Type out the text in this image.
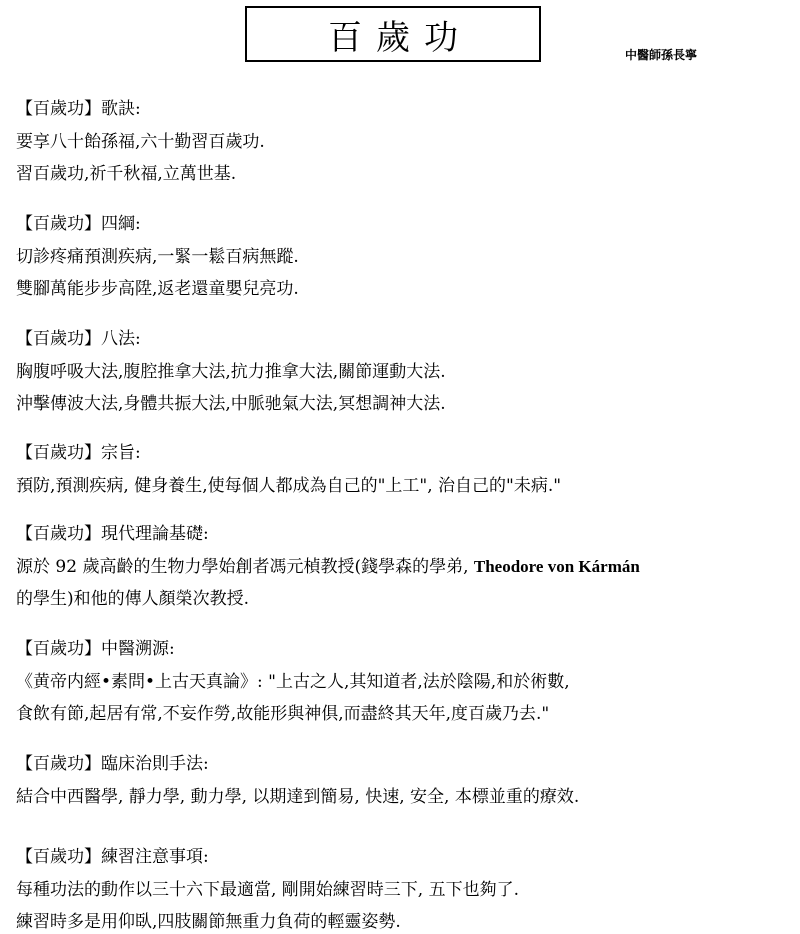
百歲功	中醫師孫長寧
【百歲功】歌訣:
要享八十飴孫福,六十勤習百歲功.
習百歲功,祈千秋福,立萬世基.
【百歲功】四綱:
切診疼痛預測疾病,一緊一鬆百病無蹤.
雙腳萬能步步高陞,返老還童嬰兒亮功.
【百歲功】八法:
胸腹呼吸大法,腹腔推拿大法,抗力推拿大法,關節運動大法.
沖擊傳波大法,身體共振大法,中脈驰氣大法,冥想調神大法.
【百歲功】宗旨:
預防,預測疾病, 健身養生,使每個人都成為自己的"上工", 治自己的"未病."
【百歲功】現代理論基礎:
源於 92 歲高齡的生物力學始創者馮元楨教授(錢學森的學弟, Theodore von Kármán
的學生)和他的傳人顏榮次教授.
【百歲功】中醫溯源:
《黄帝内經•素問•上古天真論》: "上古之人,其知道者,法於陰陽,和於術數,
食飲有節,起居有常,不妄作勞,故能形與神俱,而盡終其天年,度百歲乃去."
【百歲功】臨床治則手法:
結合中西醫學, 靜力學, 動力學, 以期達到簡易, 快速, 安全, 本標並重的療效.
【百歲功】練習注意事項:
每種功法的動作以三十六下最適當, 剛開始練習時三下, 五下也夠了.
練習時多是用仰臥,四肢關節無重力負荷的輕靈姿勢.
